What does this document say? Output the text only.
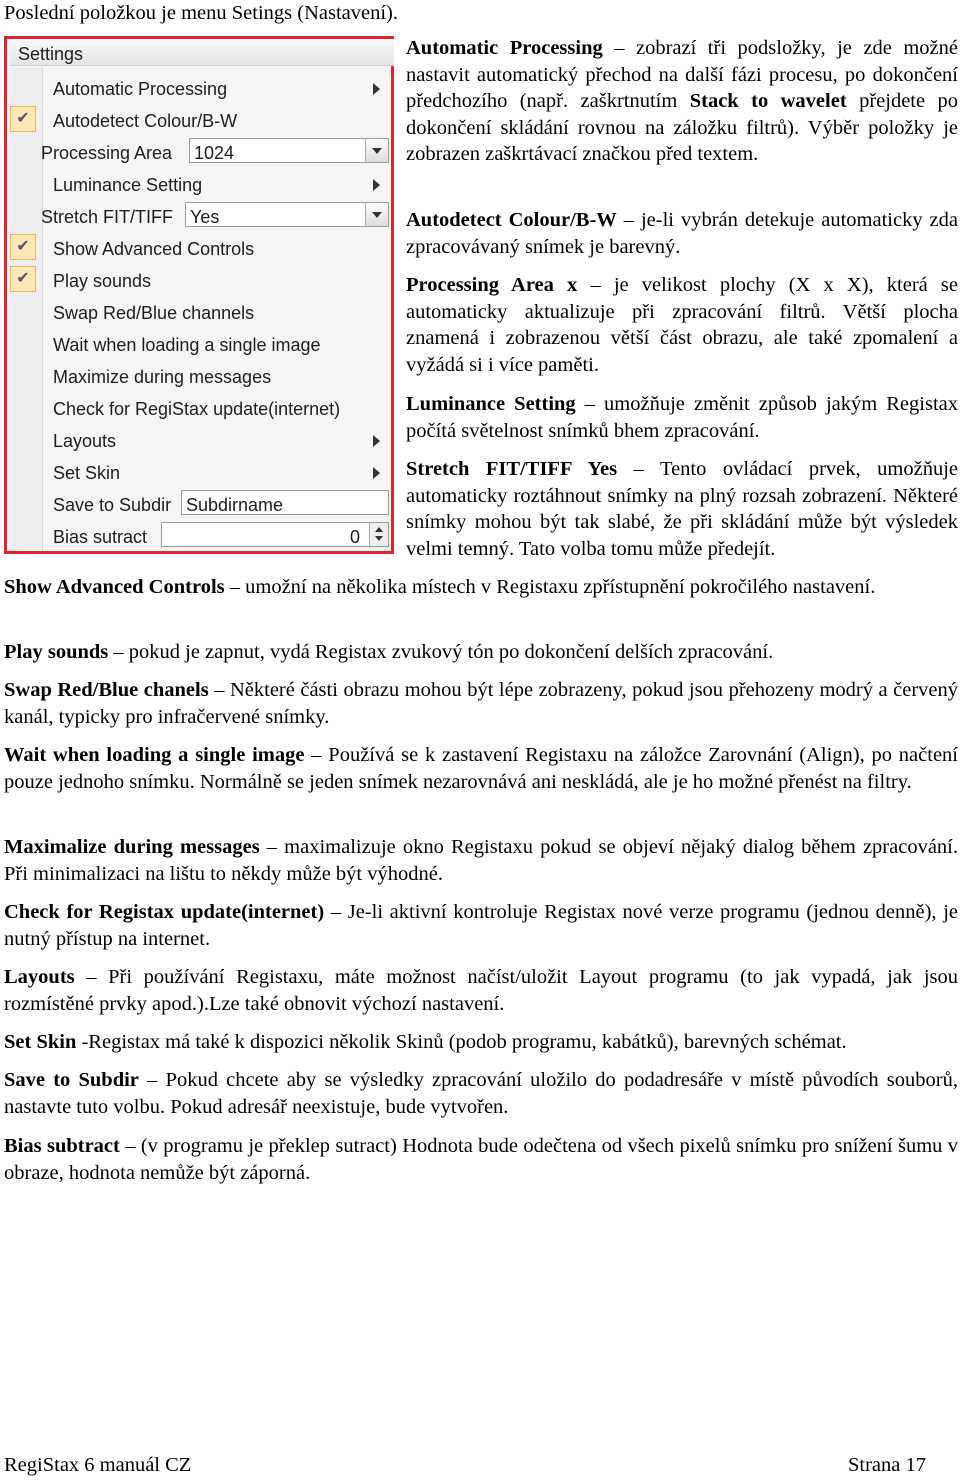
Poslední položkou je menu Setings (Nastavení).

Settings
Automatic Processing
✔	Autodetect Colour/B-W
Processing Area 1024
Luminance Setting
Stretch FIT/TIFF Yes
✔	Show Advanced Controls
✔	Play sounds
Swap Red/Blue channels
Wait when loading a single image
Maximize during messages
Check for RegiStax update(internet)
Layouts
Set Skin
Save to Subdir Subdirname
Bias sutract	0

Automatic Processing – zobrazí tři podsložky, je zde možné nastavit automatický přechod na další fázi procesu, po dokončení předchozího (např. zaškrtnutím Stack to wavelet přejdete po dokončení skládání rovnou na záložku filtrů). Výběr položky je zobrazen zaškrtávací značkou před textem.

Autodetect Colour/B-W – je-li vybrán detekuje automaticky zda zpracovávaný snímek je barevný.

Processing Area x – je velikost plochy (X x X), která se automaticky aktualizuje při zpracování filtrů. Větší plocha znamená i zobrazenou větší část obrazu, ale také zpomalení a vyžádá si i více paměti.

Luminance Setting – umožňuje změnit způsob jakým Registax počítá světelnost snímků bhem zpracování.

Stretch FIT/TIFF Yes – Tento ovládací prvek, umožňuje automaticky roztáhnout snímky na plný rozsah zobrazení. Některé snímky mohou být tak slabé, že při skládání může být výsledek velmi temný. Tato volba tomu může předejít.

Show Advanced Controls – umožní na několika místech v Registaxu zpřístupnění pokročilého nastavení.

Play sounds – pokud je zapnut, vydá Registax zvukový tón po dokončení delších zpracování.

Swap Red/Blue chanels – Některé části obrazu mohou být lépe zobrazeny, pokud jsou přehozeny modrý a červený kanál, typicky pro infračervené snímky.

Wait when loading a single image – Používá se k zastavení Registaxu na záložce Zarovnání (Align), po načtení pouze jednoho snímku. Normálně se jeden snímek nezarovnává ani neskládá, ale je ho možné přenést na filtry.

Maximalize during messages – maximalizuje okno Registaxu pokud se objeví nějaký dialog během zpracování. Při minimalizaci na lištu to někdy může být výhodné.

Check for Registax update(internet) – Je-li aktivní kontroluje Registax nové verze programu (jednou denně), je nutný přístup na internet.

Layouts – Při používání Registaxu, máte možnost načíst/uložit Layout programu (to jak vypadá, jak jsou rozmístěné prvky apod.).Lze také obnovit výchozí nastavení.

Set Skin -Registax má také k dispozici několik Skinů (podob programu, kabátků), barevných schémat.

Save to Subdir – Pokud chcete aby se výsledky zpracování uložilo do podadresáře v místě původích souborů, nastavte tuto volbu. Pokud adresář neexistuje, bude vytvořen.

Bias subtract – (v programu je překlep sutract) Hodnota bude odečtena od všech pixelů snímku pro snížení šumu v obraze, hodnota nemůže být záporná.

RegiStax 6 manuál CZ	Strana 17
